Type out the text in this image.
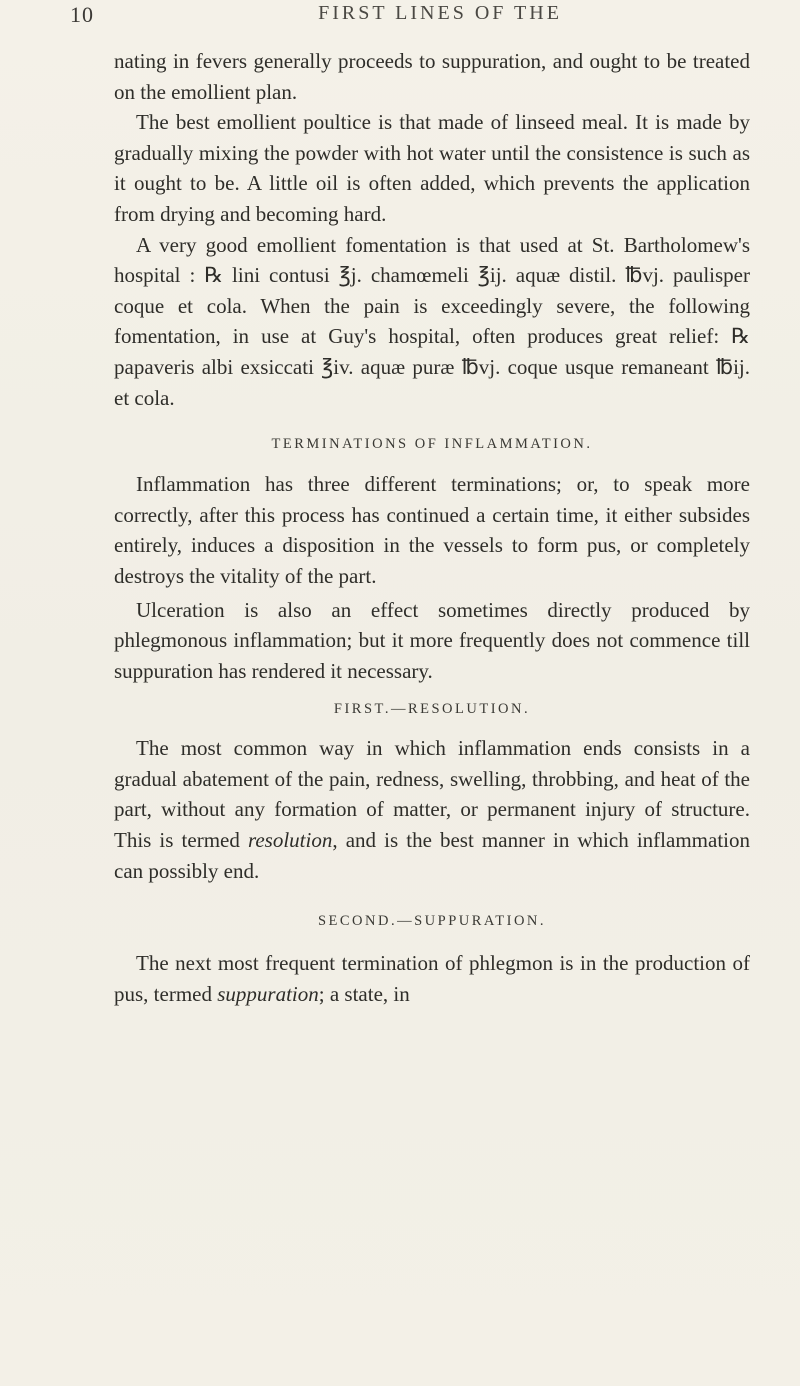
10	FIRST LINES OF THE

nating in fevers generally proceeds to suppuration, and ought to be treated on the emollient plan.

The best emollient poultice is that made of linseed meal. It is made by gradually mixing the powder with hot water until the consistence is such as it ought to be. A little oil is often added, which prevents the application from drying and becoming hard.

A very good emollient fomentation is that used at St. Bartholomew's hospital : ℞ lini contusi ℥j. chamœmeli ℥ij. aquæ distil. ℔vj. paulisper coque et cola. When the pain is exceedingly severe, the following fomentation, in use at Guy's hospital, often produces great relief: ℞ papaveris albi exsiccati ℥iv. aquæ puræ ℔vj. coque usque remaneant ℔ij. et cola.

TERMINATIONS OF INFLAMMATION.

Inflammation has three different terminations; or, to speak more correctly, after this process has continued a certain time, it either subsides entirely, induces a disposition in the vessels to form pus, or completely destroys the vitality of the part.

Ulceration is also an effect sometimes directly produced by phlegmonous inflammation; but it more frequently does not commence till suppuration has rendered it necessary.

FIRST.—RESOLUTION.

The most common way in which inflammation ends consists in a gradual abatement of the pain, redness, swelling, throbbing, and heat of the part, without any formation of matter, or permanent injury of structure. This is termed resolution, and is the best manner in which inflammation can possibly end.

SECOND.—SUPPURATION.

The next most frequent termination of phlegmon is in the production of pus, termed suppuration; a state, in
